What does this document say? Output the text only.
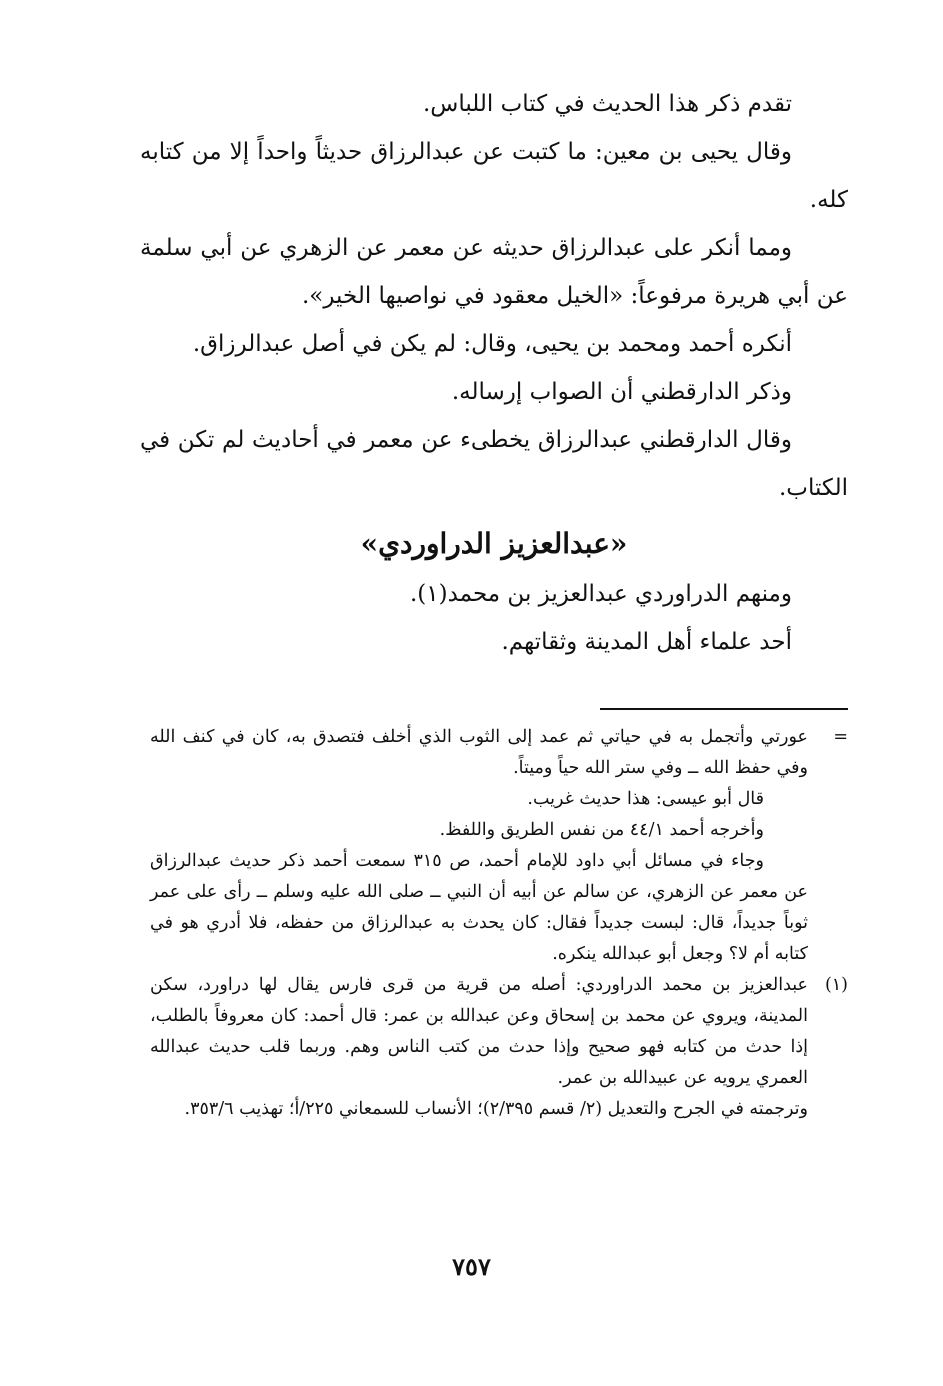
تقدم ذكر هذا الحديث في كتاب اللباس.

وقال يحيى بن معين: ما كتبت عن عبدالرزاق حديثاً واحداً إلا من كتابه كله.

ومما أنكر على عبدالرزاق حديثه عن معمر عن الزهري عن أبي سلمة عن أبي هريرة مرفوعاً: «الخيل معقود في نواصيها الخير».

أنكره أحمد ومحمد بن يحيى، وقال: لم يكن في أصل عبدالرزاق.

وذكر الدارقطني أن الصواب إرساله.

وقال الدارقطني عبدالرزاق يخطىء عن معمر في أحاديث لم تكن في الكتاب.

«عبدالعزيز الدراوردي»

ومنهم الدراوردي عبدالعزيز بن محمد(١).

أحد علماء أهل المدينة وثقاتهم.

=

عورتي وأتجمل به في حياتي ثم عمد إلى الثوب الذي أخلف فتصدق به، كان في كنف الله وفي حفظ الله ــ وفي ستر الله حياً وميتاً.

قال أبو عيسى: هذا حديث غريب.

وأخرجه أحمد ٤٤/١ من نفس الطريق واللفظ.

وجاء في مسائل أبي داود للإمام أحمد، ص ٣١٥ سمعت أحمد ذكر حديث عبدالرزاق عن معمر عن الزهري، عن سالم عن أبيه أن النبي ــ صلى الله عليه وسلم ــ رأى على عمر ثوباً جديداً، قال: لبست جديداً فقال: كان يحدث به عبدالرزاق من حفظه، فلا أدري هو في كتابه أم لا؟ وجعل أبو عبدالله ينكره.

(١)

عبدالعزيز بن محمد الدراوردي: أصله من قرية من قرى فارس يقال لها دراورد، سكن المدينة، ويروي عن محمد بن إسحاق وعن عبدالله بن عمر: قال أحمد: كان معروفاً بالطلب، إذا حدث من كتابه فهو صحيح وإذا حدث من كتب الناس وهم. وربما قلب حديث عبدالله العمري يرويه عن عبيدالله بن عمر.

وترجمته في الجرح والتعديل (٢/ قسم ٢/٣٩٥)؛ الأنساب للسمعاني ٢٢٥/أ؛ تهذيب ٣٥٣/٦.

٧٥٧
